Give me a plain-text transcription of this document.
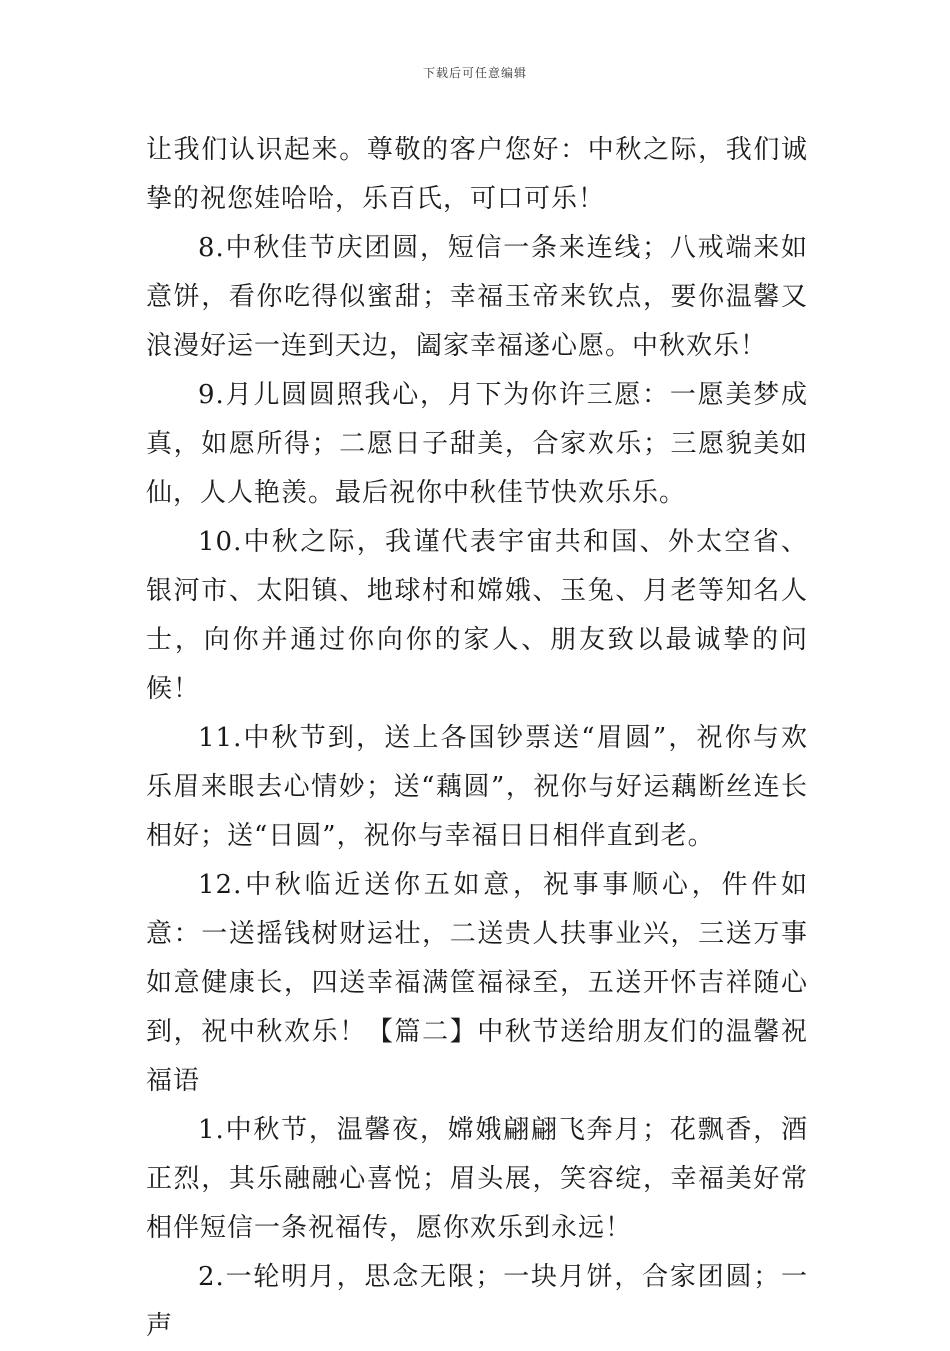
下载后可任意编辑

让我们认识起来。尊敬的客户您好：中秋之际，我们诚挚的祝您娃哈哈，乐百氏，可口可乐！

8.中秋佳节庆团圆，短信一条来连线；八戒端来如意饼，看你吃得似蜜甜；幸福玉帝来钦点，要你温馨又浪漫好运一连到天边，阖家幸福遂心愿。中秋欢乐！

9.月儿圆圆照我心，月下为你许三愿：一愿美梦成真，如愿所得；二愿日子甜美，合家欢乐；三愿貌美如仙，人人艳羡。最后祝你中秋佳节快欢乐乐。

10.中秋之际，我谨代表宇宙共和国、外太空省、银河市、太阳镇、地球村和嫦娥、玉兔、月老等知名人士，向你并通过你向你的家人、朋友致以最诚挚的问候！

11.中秋节到，送上各国钞票送“眉圆”，祝你与欢乐眉来眼去心情妙；送“藕圆”，祝你与好运藕断丝连长相好；送“日圆”，祝你与幸福日日相伴直到老。

12.中秋临近送你五如意，祝事事顺心，件件如意：一送摇钱树财运壮，二送贵人扶事业兴，三送万事如意健康长，四送幸福满筐福禄至，五送开怀吉祥随心到，祝中秋欢乐！【篇二】中秋节送给朋友们的温馨祝福语

1.中秋节，温馨夜，嫦娥翩翩飞奔月；花飘香，酒正烈，其乐融融心喜悦；眉头展，笑容绽，幸福美好常相伴短信一条祝福传，愿你欢乐到永远！

2.一轮明月，思念无限；一块月饼，合家团圆；一声
